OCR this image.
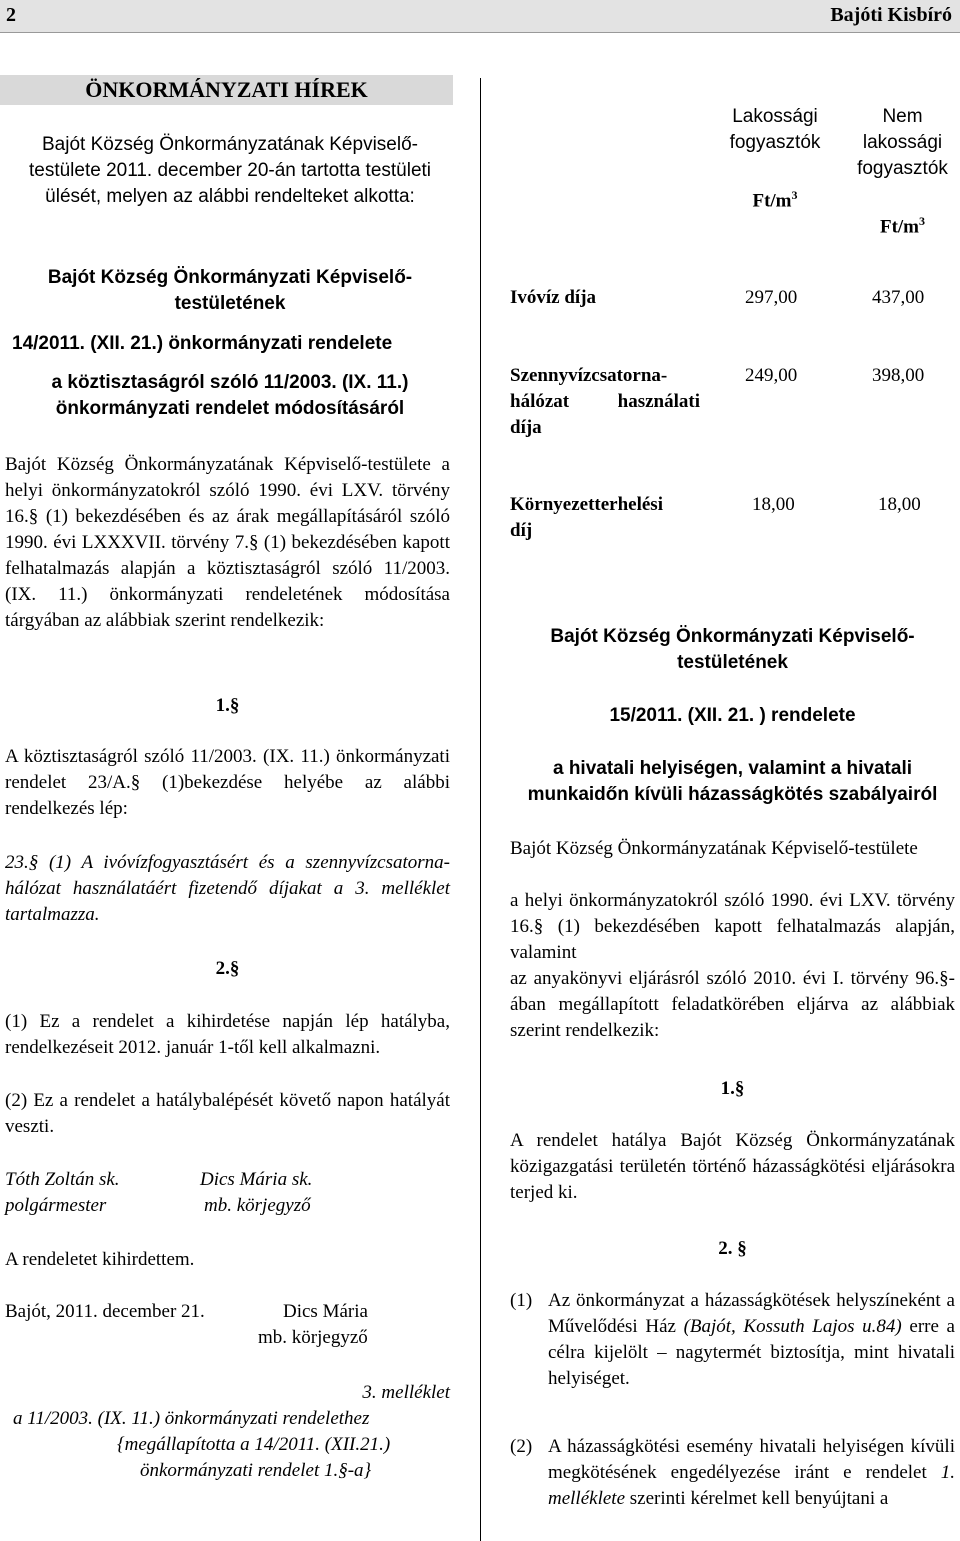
2	Bajóti Kisbíró
ÖNKORMÁNYZATI HÍREK
Bajót Község Önkormányzatának Képviselő-testülete 2011. december 20-án tartotta testületi ülését, melyen az alábbi rendelteket alkotta:
Bajót Község Önkormányzati Képviselő-testületének
14/2011. (XII. 21.) önkormányzati rendelete
a köztisztaságról szóló 11/2003. (IX. 11.) önkormányzati rendelet módosításáról
Bajót Község Önkormányzatának Képviselő-testülete a helyi önkormányzatokról szóló 1990. évi LXV. törvény 16.§ (1) bekezdésében és az árak megállapításáról szóló 1990. évi LXXXVII. törvény 7.§ (1) bekezdésében kapott felhatalmazás alapján a köztisztaságról szóló 11/2003. (IX. 11.) önkormányzati rendeletének módosítása tárgyában az alábbiak szerint rendelkezik:
1.§
A köztisztaságról szóló 11/2003. (IX. 11.) önkormányzati rendelet 23/A.§ (1)bekezdése helyébe az alábbi rendelkezés lép:
23.§ (1) A ivóvízfogyasztásért és a szennyvízcsatorna-hálózat használatáért fizetendő díjakat a 3. melléklet tartalmazza.
2.§
(1) Ez a rendelet a kihirdetése napján lép hatályba, rendelkezéseit 2012. január 1-től kell alkalmazni.
(2) Ez a rendelet a hatálybalépését követő napon hatályát veszti.
Tóth Zoltán sk.
polgármester
Dics Mária sk.
mb. körjegyző
A rendeletet kihirdettem.
Bajót, 2011. december 21.	Dics Mária
mb. körjegyző
3. melléklet
a 11/2003. (IX. 11.) önkormányzati rendelethez
{megállapította a 14/2011. (XII.21.)
önkormányzati rendelet 1.§-a}
Lakossági
fogyasztók
$Ft/m^3$
Nem
lakossági
fogyasztók
$Ft/m^3$
Ivóvíz díja	297,00	437,00
Szennyvízcsatorna-
hálózat használati
díja
249,00	398,00
Környezetterhelési
díj
18,00	18,00
Bajót Község Önkormányzati Képviselő-testületének
15/2011. (XII. 21. ) rendelete
a hivatali helyiségen, valamint a hivatali munkaidőn kívüli házasságkötés szabályairól
Bajót Község Önkormányzatának Képviselő-testülete
a helyi önkormányzatokról szóló 1990. évi LXV. törvény 16.§ (1) bekezdésében kapott felhatalmazás alapján, valamint
az anyakönyvi eljárásról szóló 2010. évi I. törvény 96.§-ában megállapított feladatkörében eljárva az alábbiak szerint rendelkezik:
1.§
A rendelet hatálya Bajót Község Önkormányzatának közigazgatási területén történő házasságkötési eljárásokra terjed ki.
2. §
(1) Az önkormányzat a házasságkötések helyszíneként a Művelődési Ház (Bajót, Kossuth Lajos u.84) erre a célra kijelölt – nagytermét biztosítja, mint hivatali helyiséget.
(2) A házasságkötési esemény hivatali helyiségen kívüli megkötésének engedélyezése iránt e rendelet 1. melléklete szerinti kérelmet kell benyújtani a
